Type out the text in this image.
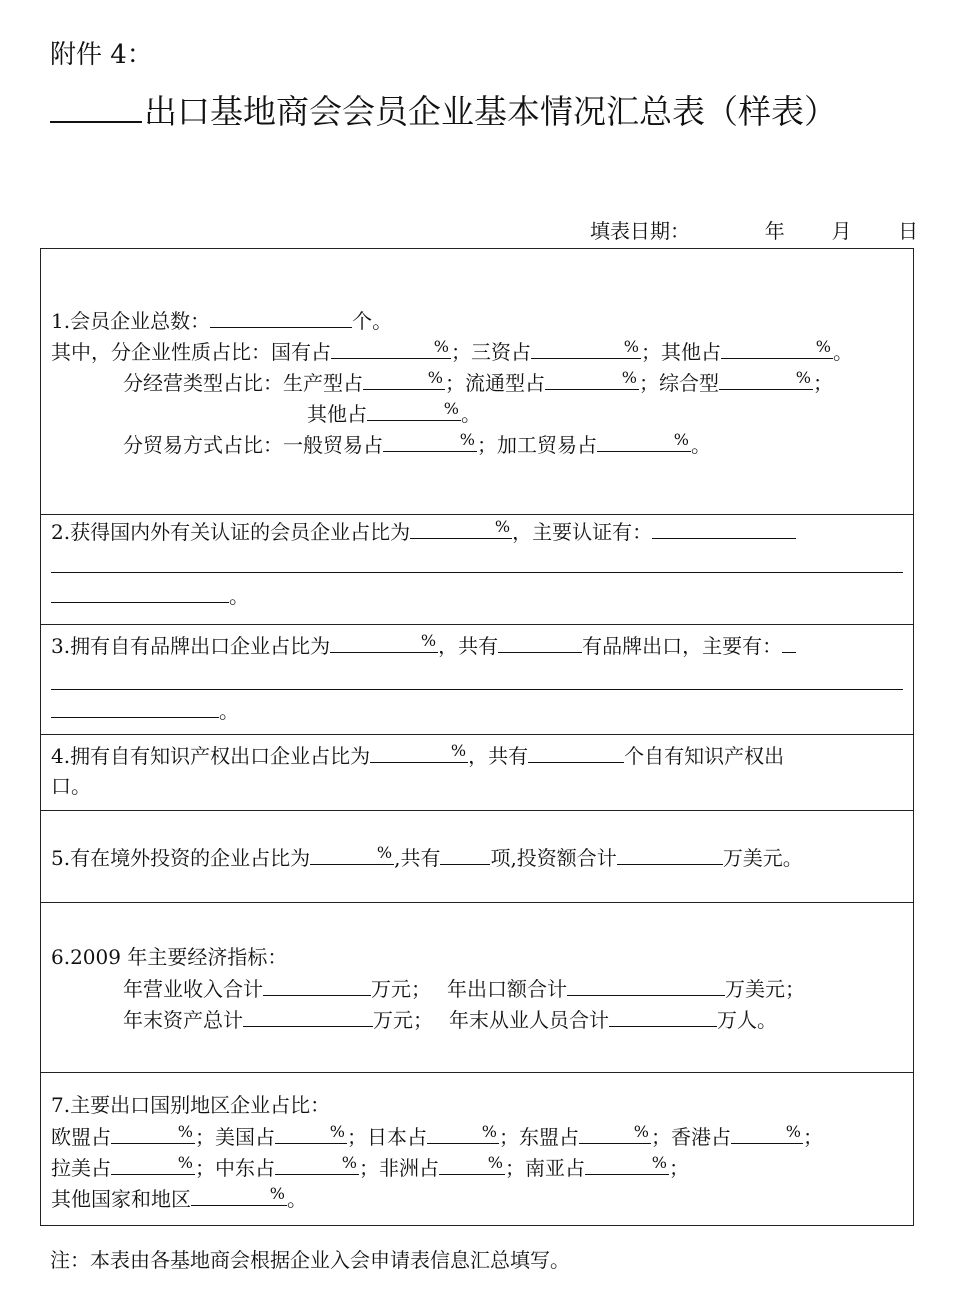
附件 4：
出口基地商会会员企业基本情况汇总表（样表）
填表日期：	年 月 日
1.会员企业总数：	个。
其中，分企业性质占比：国有占	% ；三资占	% ；其他占	% 。
分经营类型占比：生产型占	% ；流通型占	% ；综合型	% ；
其他占	% 。
分贸易方式占比：一般贸易占	% ；加工贸易占	% 。
2.获得国内外有关认证的会员企业占比为	% ，主要认证有：
。
3.拥有自有品牌出口企业占比为	% ，共有	有品牌出口，主要有：
。
4.拥有自有知识产权出口企业占比为	% ，共有	个自有知识产权出
口。
5.有在境外投资的企业占比为	% ,共有	项,投资额合计	万美元。
6.2009 年主要经济指标：
年营业收入合计	万元； 年出口额合计	万美元；
年末资产总计	万元； 年末从业人员合计	万人。
7.主要出口国别地区企业占比：
欧盟占	% ；美国占	% ；日本占	% ；东盟占	% ；香港占	% ；
拉美占	% ；中东占	% ；非洲占	% ；南亚占	% ；
其他国家和地区	% 。
注：本表由各基地商会根据企业入会申请表信息汇总填写。
